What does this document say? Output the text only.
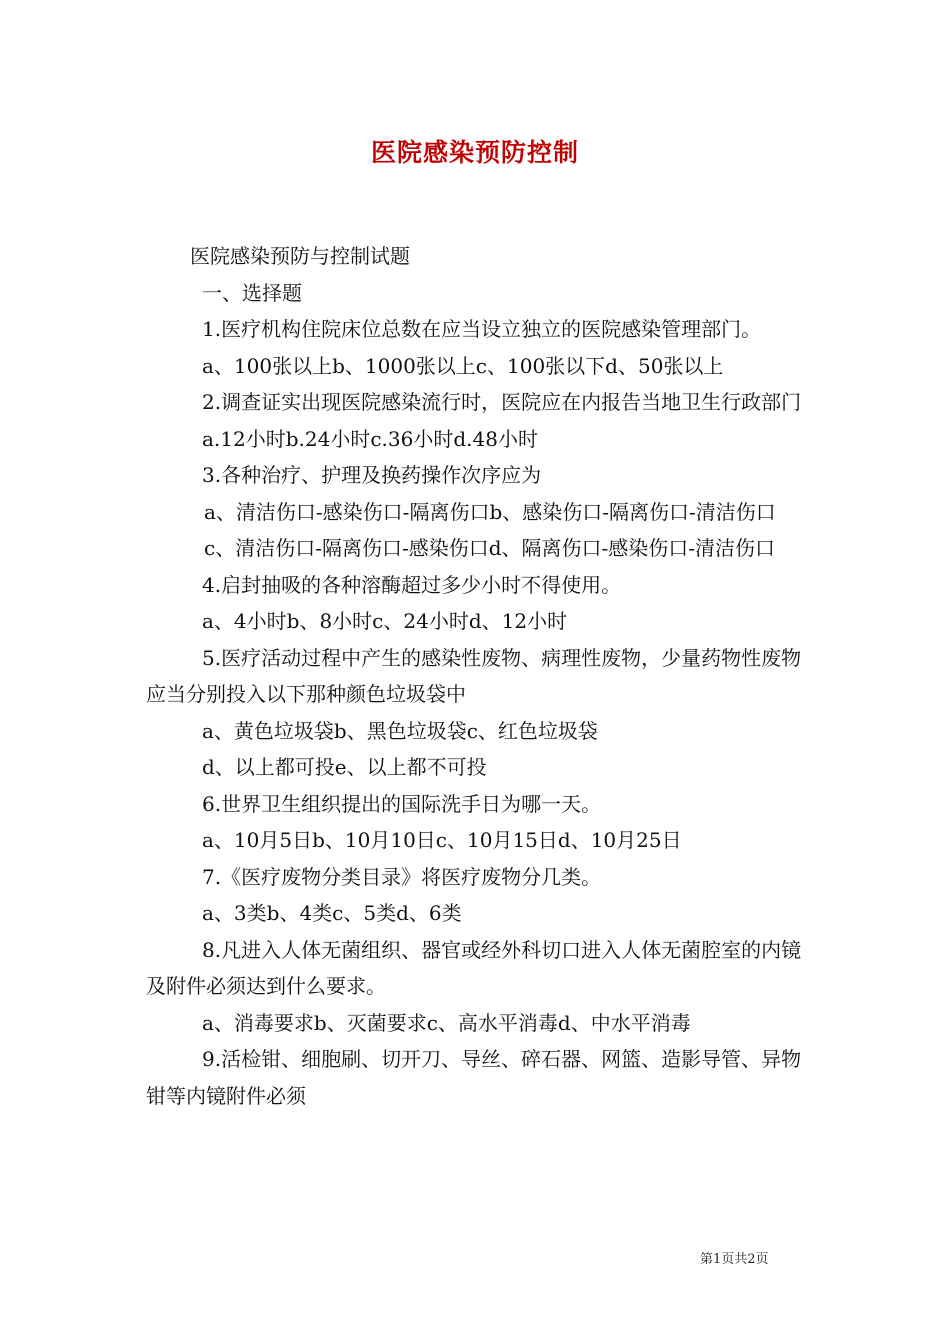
医院感染预防控制

医院感染预防与控制试题

一、选择题

1.医疗机构住院床位总数在应当设立独立的医院感染管理部门。

a、100张以上b、1000张以上c、100张以下d、50张以上

2.调查证实出现医院感染流行时，医院应在内报告当地卫生行政部门

a.12小时b.24小时c.36小时d.48小时

3.各种治疗、护理及换药操作次序应为

a、清洁伤口-感染伤口-隔离伤口b、感染伤口-隔离伤口-清洁伤口

c、清洁伤口-隔离伤口-感染伤口d、隔离伤口-感染伤口-清洁伤口

4.启封抽吸的各种溶酶超过多少小时不得使用。

a、4小时b、8小时c、24小时d、12小时

5.医疗活动过程中产生的感染性废物、病理性废物，少量药物性废物应当分别投入以下那种颜色垃圾袋中

a、黄色垃圾袋b、黑色垃圾袋c、红色垃圾袋

d、以上都可投e、以上都不可投

6.世界卫生组织提出的国际洗手日为哪一天。

a、10月5日b、10月10日c、10月15日d、10月25日

7.《医疗废物分类目录》将医疗废物分几类。

a、3类b、4类c、5类d、6类

8.凡进入人体无菌组织、器官或经外科切口进入人体无菌腔室的内镜及附件必须达到什么要求。

a、消毒要求b、灭菌要求c、高水平消毒d、中水平消毒

9.活检钳、细胞刷、切开刀、导丝、碎石器、网篮、造影导管、异物钳等内镜附件必须

第1页共2页
